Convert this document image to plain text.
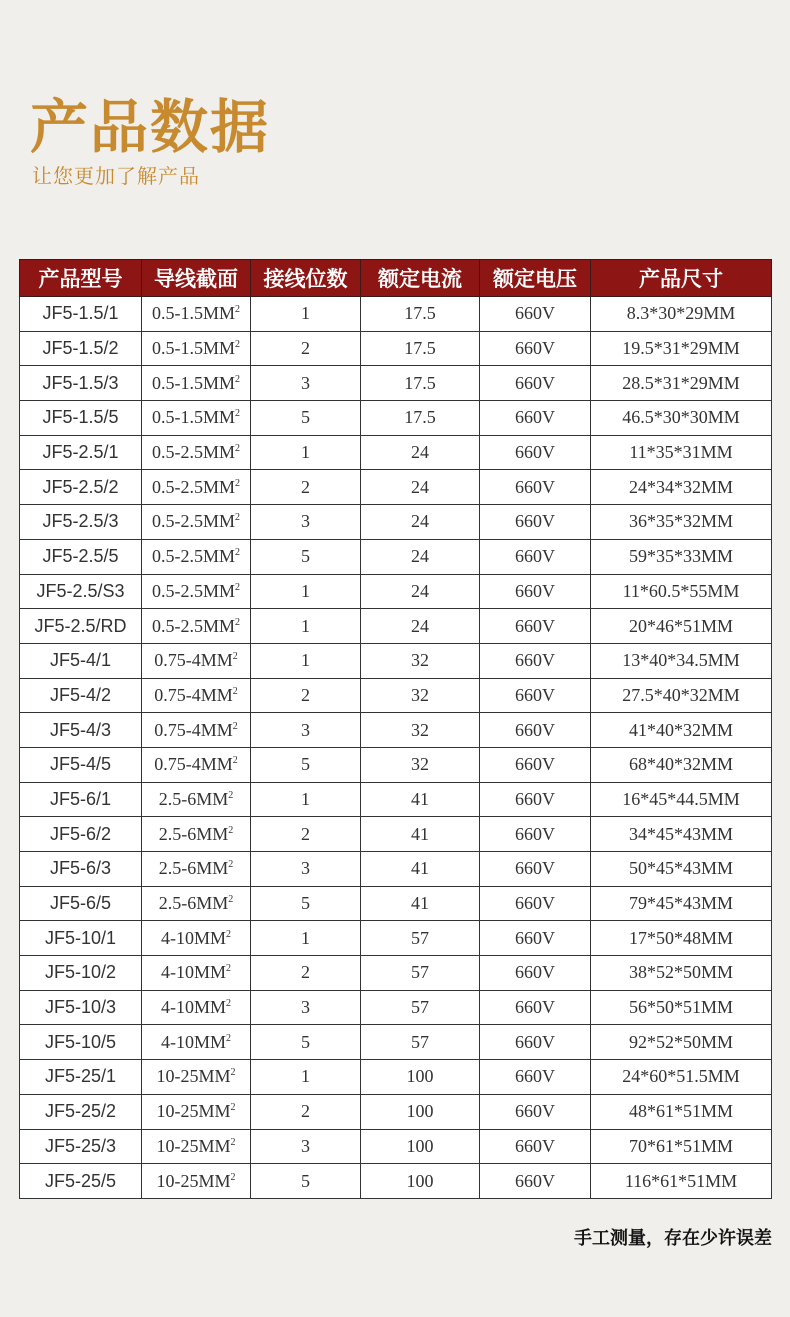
产品数据
让您更加了解产品
产品型号	导线截面	接线位数	额定电流	额定电压	产品尺寸
JF5-1.5/1	$0.5-1.5MM^2$	1	17.5	660V	8.3*30*29MM
JF5-1.5/2	$0.5-1.5MM^2$	2	17.5	660V	19.5*31*29MM
JF5-1.5/3	$0.5-1.5MM^2$	3	17.5	660V	28.5*31*29MM
JF5-1.5/5	$0.5-1.5MM^2$	5	17.5	660V	46.5*30*30MM
JF5-2.5/1	$0.5-2.5MM^2$	1	24	660V	11*35*31MM
JF5-2.5/2	$0.5-2.5MM^2$	2	24	660V	24*34*32MM
JF5-2.5/3	$0.5-2.5MM^2$	3	24	660V	36*35*32MM
JF5-2.5/5	$0.5-2.5MM^2$	5	24	660V	59*35*33MM
JF5-2.5/S3	$0.5-2.5MM^2$	1	24	660V	11*60.5*55MM
JF5-2.5/RD	$0.5-2.5MM^2$	1	24	660V	20*46*51MM
JF5-4/1	$0.75-4MM^2$	1	32	660V	13*40*34.5MM
JF5-4/2	$0.75-4MM^2$	2	32	660V	27.5*40*32MM
JF5-4/3	$0.75-4MM^2$	3	32	660V	41*40*32MM
JF5-4/5	$0.75-4MM^2$	5	32	660V	68*40*32MM
JF5-6/1	$2.5-6MM^2$	1	41	660V	16*45*44.5MM
JF5-6/2	$2.5-6MM^2$	2	41	660V	34*45*43MM
JF5-6/3	$2.5-6MM^2$	3	41	660V	50*45*43MM
JF5-6/5	$2.5-6MM^2$	5	41	660V	79*45*43MM
JF5-10/1	$4-10MM^2$	1	57	660V	17*50*48MM
JF5-10/2	$4-10MM^2$	2	57	660V	38*52*50MM
JF5-10/3	$4-10MM^2$	3	57	660V	56*50*51MM
JF5-10/5	$4-10MM^2$	5	57	660V	92*52*50MM
JF5-25/1	$10-25MM^2$	1	100	660V	24*60*51.5MM
JF5-25/2	$10-25MM^2$	2	100	660V	48*61*51MM
JF5-25/3	$10-25MM^2$	3	100	660V	70*61*51MM
JF5-25/5	$10-25MM^2$	5	100	660V	116*61*51MM
手工测量，存在少许误差
